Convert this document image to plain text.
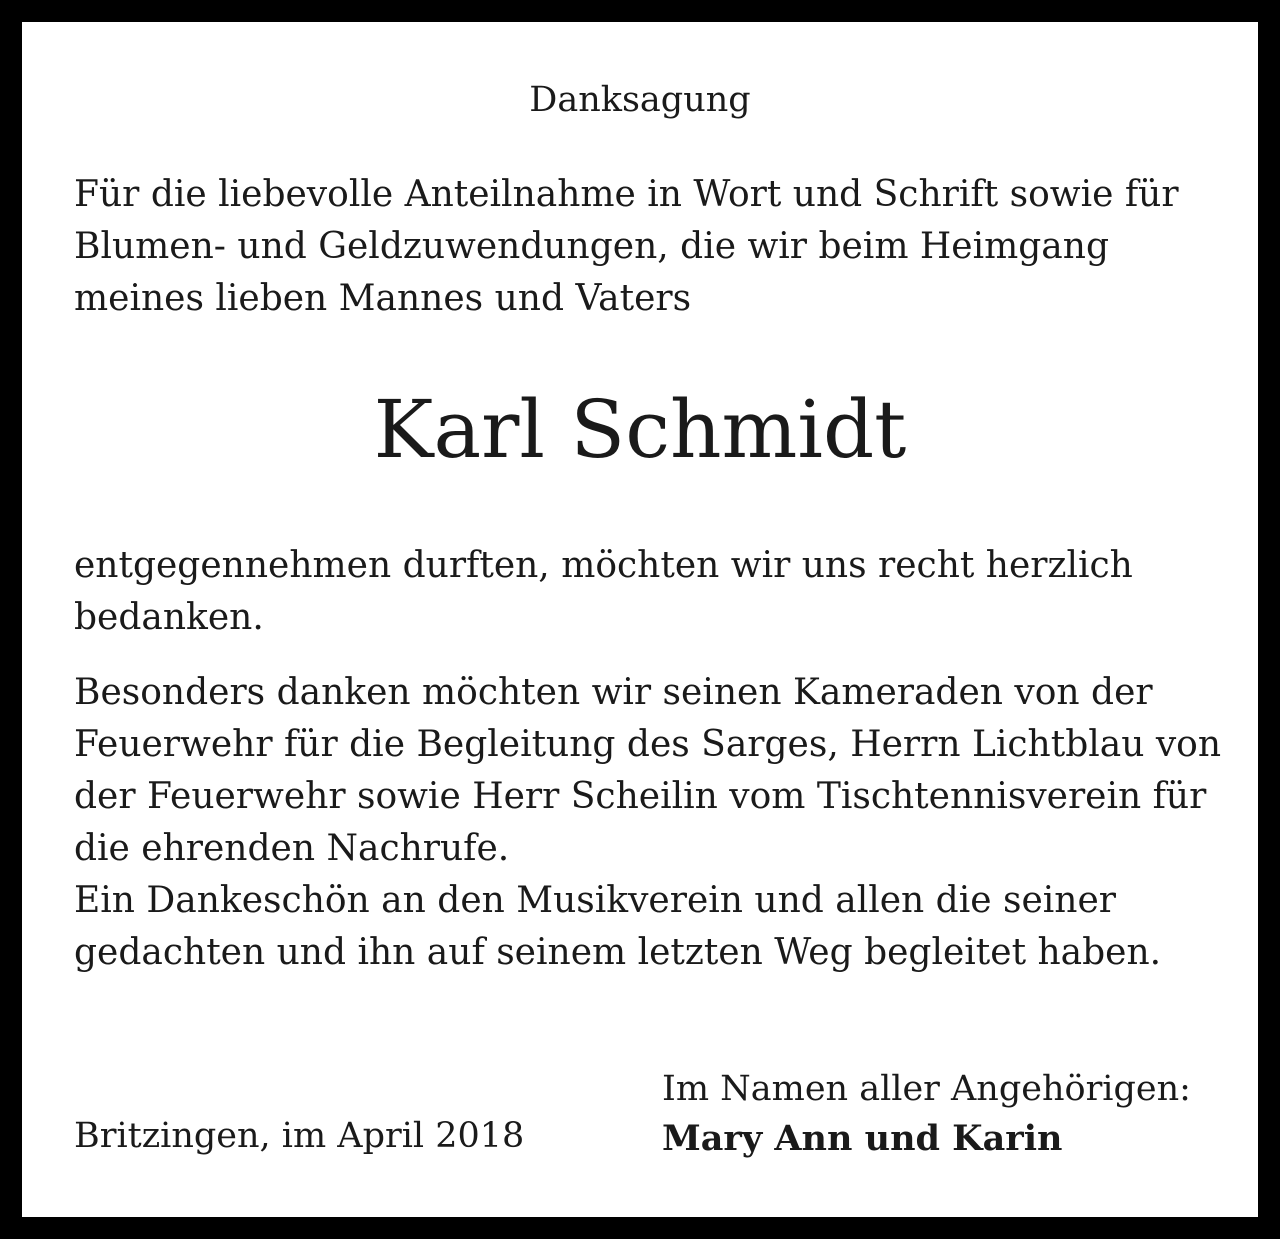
Danksagung
Für die liebevolle Anteilnahme in Wort und Schrift sowie für
Blumen- und Geldzuwendungen, die wir beim Heimgang
meines lieben Mannes und Vaters
Karl Schmidt
entgegennehmen durften, möchten wir uns recht herzlich
bedanken.
Besonders danken möchten wir seinen Kameraden von der
Feuerwehr für die Begleitung des Sarges, Herrn Lichtblau von
der Feuerwehr sowie Herr Scheilin vom Tischtennisverein für
die ehrenden Nachrufe.
Ein Dankeschön an den Musikverein und allen die seiner
gedachten und ihn auf seinem letzten Weg begleitet haben.
Britzingen, im April 2018
Im Namen aller Angehörigen:
Mary Ann und Karin
